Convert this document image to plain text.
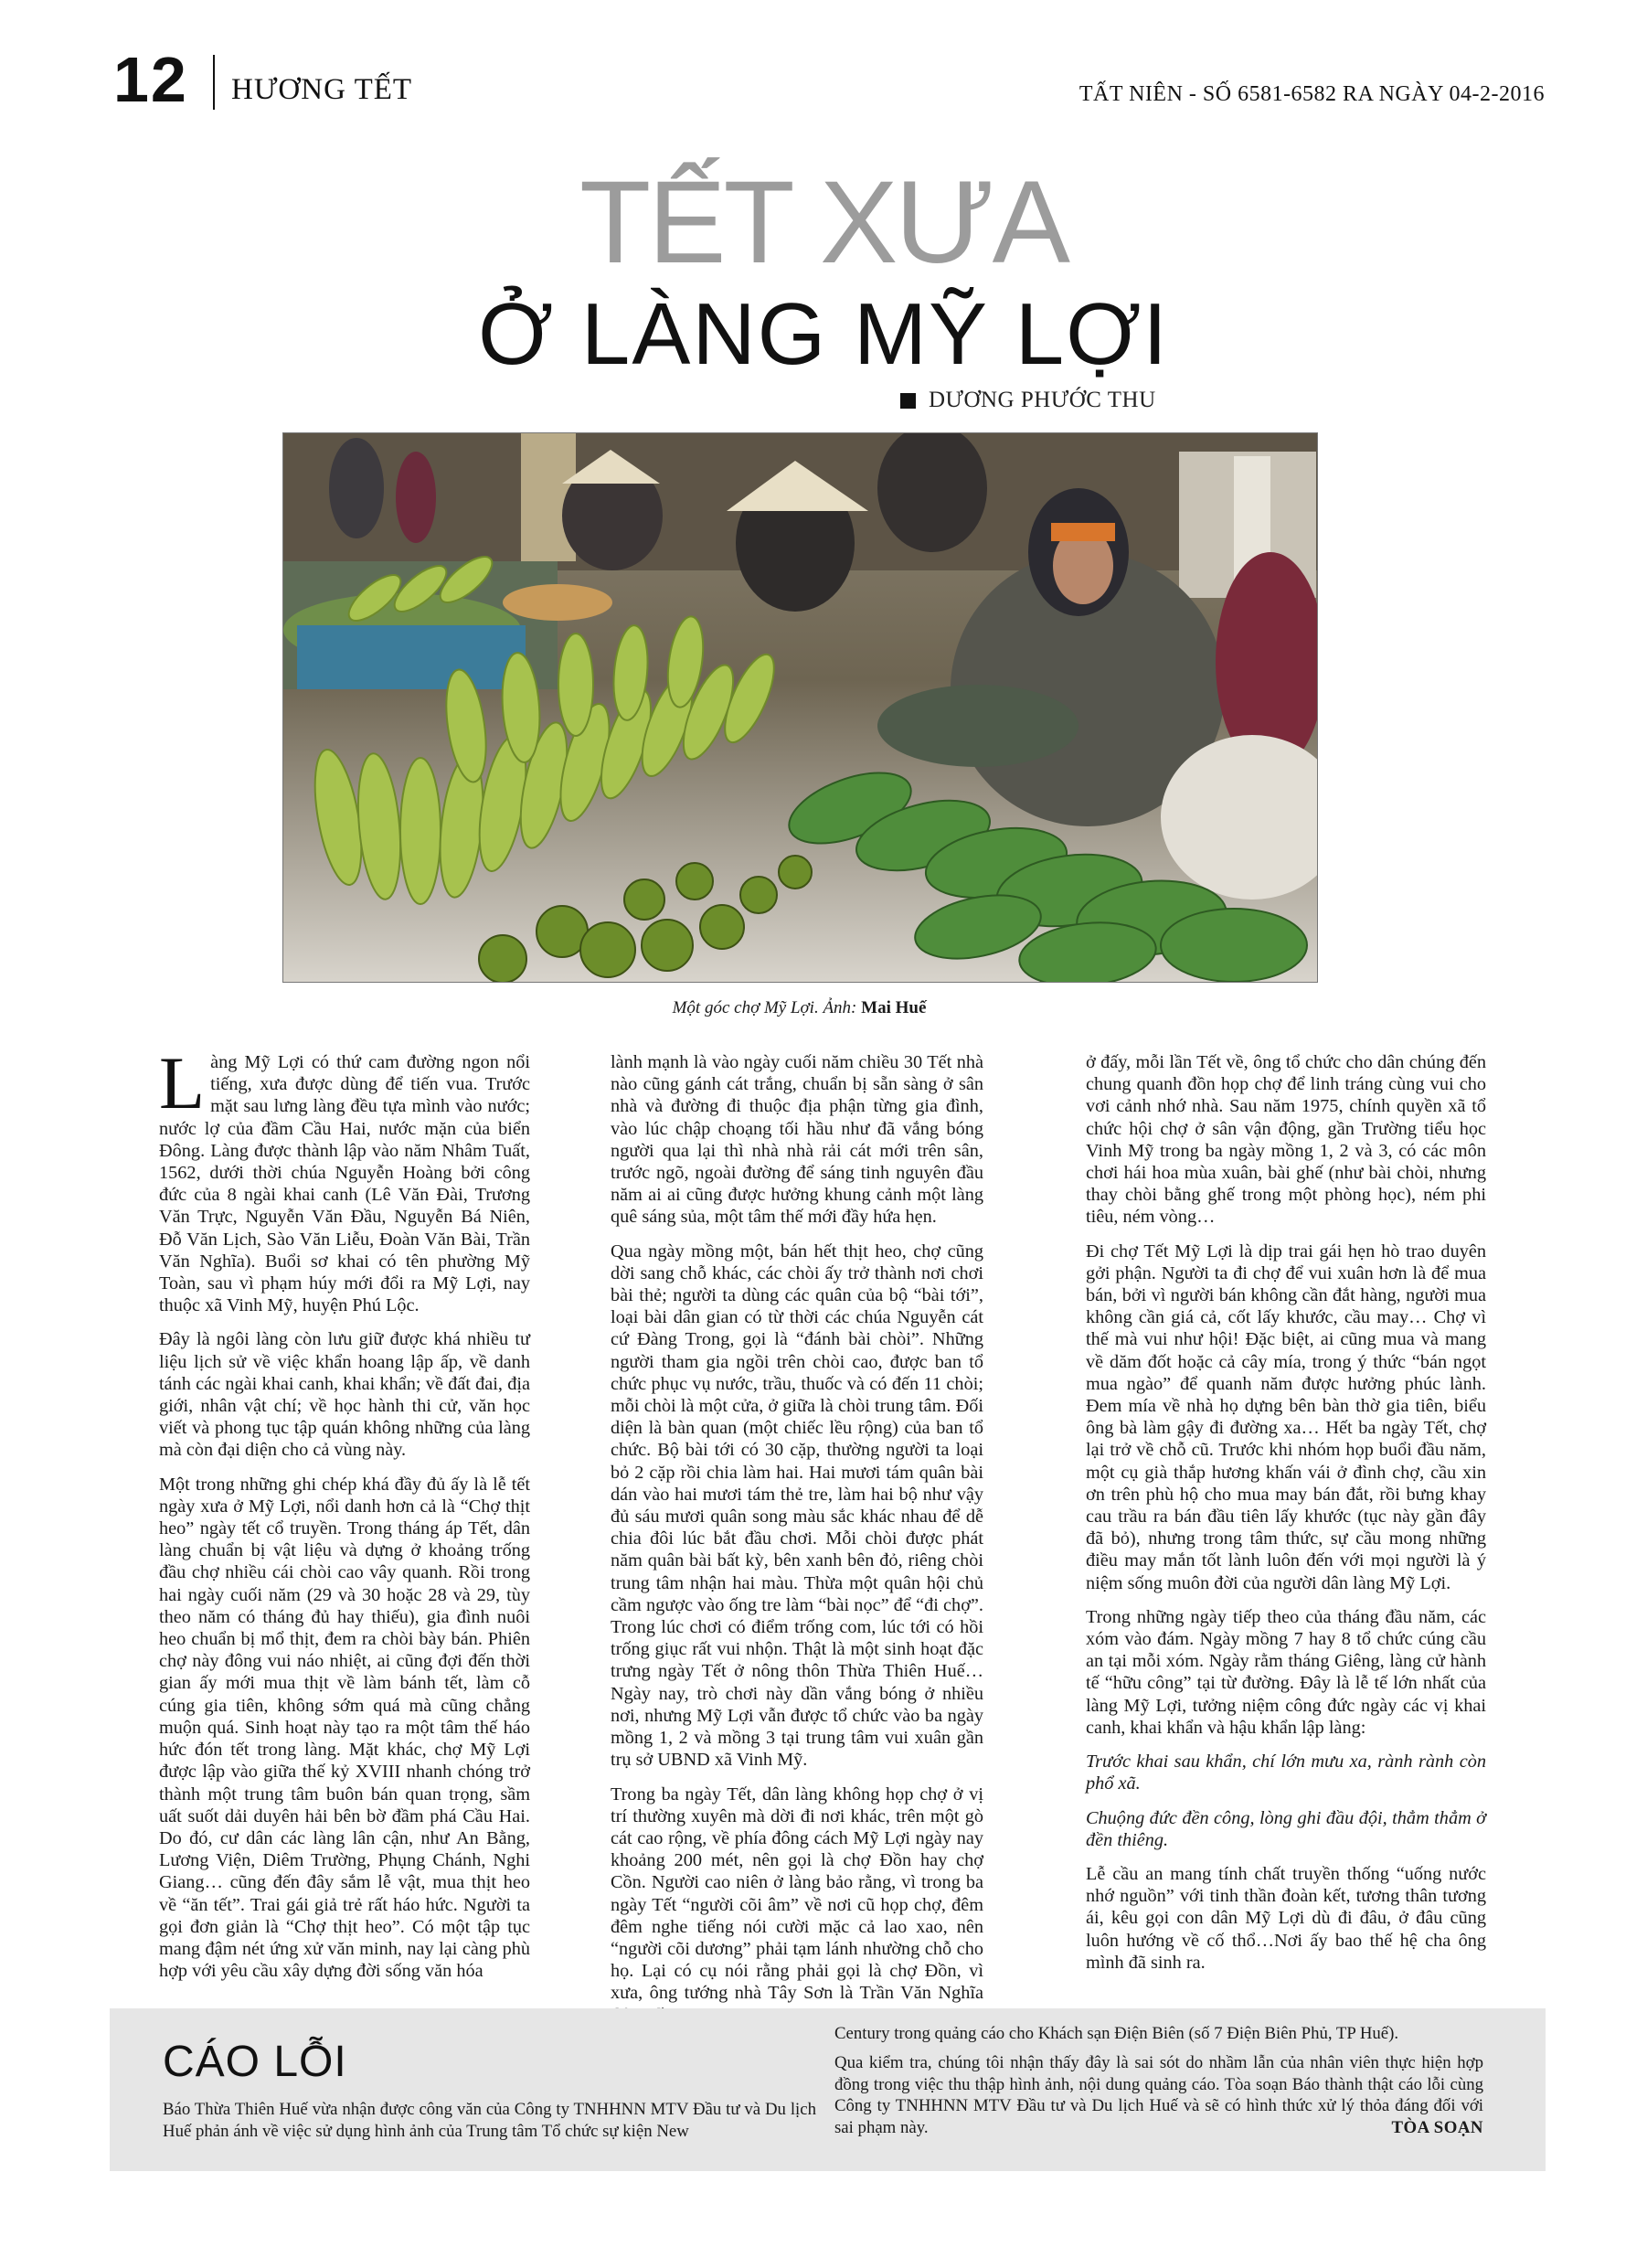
12 HƯƠNG TẾT	TẤT NIÊN - SỐ 6581-6582 RA NGÀY 04-2-2016
TẾT XƯA
Ở LÀNG MỸ LỢI
DƯƠNG PHƯỚC THU
Một góc chợ Mỹ Lợi. Ảnh: Mai Huế

Làng Mỹ Lợi có thứ cam đường ngon nổi tiếng, xưa được dùng để tiến vua. Trước mặt sau lưng làng đều tựa mình vào nước; nước lợ của đầm Cầu Hai, nước mặn của biển Đông. Làng được thành lập vào năm Nhâm Tuất, 1562, dưới thời chúa Nguyễn Hoàng bởi công đức của 8 ngài khai canh (Lê Văn Đài, Trương Văn Trực, Nguyễn Văn Đầu, Nguyễn Bá Niên, Đỗ Văn Lịch, Sào Văn Liễu, Đoàn Văn Bài, Trần Văn Nghĩa). Buổi sơ khai có tên phường Mỹ Toàn, sau vì phạm húy mới đổi ra Mỹ Lợi, nay thuộc xã Vinh Mỹ, huyện Phú Lộc.

Đây là ngôi làng còn lưu giữ được khá nhiều tư liệu lịch sử về việc khẩn hoang lập ấp, về danh tánh các ngài khai canh, khai khẩn; về đất đai, địa giới, nhân vật chí; về học hành thi cử, văn học viết và phong tục tập quán không những của làng mà còn đại diện cho cả vùng này.

Một trong những ghi chép khá đầy đủ ấy là lễ tết ngày xưa ở Mỹ Lợi, nổi danh hơn cả là “Chợ thịt heo” ngày tết cổ truyền. Trong tháng áp Tết, dân làng chuẩn bị vật liệu và dựng ở khoảng trống đầu chợ nhiều cái chòi cao vây quanh. Rồi trong hai ngày cuối năm (29 và 30 hoặc 28 và 29, tùy theo năm có tháng đủ hay thiếu), gia đình nuôi heo chuẩn bị mổ thịt, đem ra chòi bày bán. Phiên chợ này đông vui náo nhiệt, ai cũng đợi đến thời gian ấy mới mua thịt về làm bánh tết, làm cỗ cúng gia tiên, không sớm quá mà cũng chẳng muộn quá. Sinh hoạt này tạo ra một tâm thế háo hức đón tết trong làng. Mặt khác, chợ Mỹ Lợi được lập vào giữa thế kỷ XVIII nhanh chóng trở thành một trung tâm buôn bán quan trọng, sầm uất suốt dải duyên hải bên bờ đầm phá Cầu Hai. Do đó, cư dân các làng lân cận, như An Bằng, Lương Viện, Diêm Trường, Phụng Chánh, Nghi Giang… cũng đến đây sắm lễ vật, mua thịt heo về “ăn tết”. Trai gái giả trẻ rất háo hức. Người ta gọi đơn giản là “Chợ thịt heo”. Có một tập tục mang đậm nét ứng xử văn minh, nay lại càng phù hợp với yêu cầu xây dựng đời sống văn hóa

lành mạnh là vào ngày cuối năm chiều 30 Tết nhà nào cũng gánh cát trắng, chuẩn bị sẵn sàng ở sân nhà và đường đi thuộc địa phận từng gia đình, vào lúc chập choạng tối hầu như đã vắng bóng người qua lại thì nhà nhà rải cát mới trên sân, trước ngõ, ngoài đường để sáng tinh nguyên đầu năm ai ai cũng được hưởng khung cảnh một làng quê sáng sủa, một tâm thế mới đầy hứa hẹn.

Qua ngày mồng một, bán hết thịt heo, chợ cũng dời sang chỗ khác, các chòi ấy trở thành nơi chơi bài thẻ; người ta dùng các quân của bộ “bài tới”, loại bài dân gian có từ thời các chúa Nguyễn cát cứ Đàng Trong, gọi là “đánh bài chòi”. Những người tham gia ngồi trên chòi cao, được ban tổ chức phục vụ nước, trầu, thuốc và có đến 11 chòi; mỗi chòi là một cửa, ở giữa là chòi trung tâm. Đối diện là bàn quan (một chiếc lều rộng) của ban tổ chức. Bộ bài tới có 30 cặp, thường người ta loại bỏ 2 cặp rồi chia làm hai. Hai mươi tám quân bài dán vào hai mươi tám thẻ tre, làm hai bộ như vậy đủ sáu mươi quân song màu sắc khác nhau để dễ chia đôi lúc bắt đầu chơi. Mỗi chòi được phát năm quân bài bất kỳ, bên xanh bên đỏ, riêng chòi trung tâm nhận hai màu. Thừa một quân hội chủ cầm ngược vào ống tre làm “bài nọc” để “đi chợ”. Trong lúc chơi có điểm trống com, lúc tới có hồi trống giục rất vui nhộn. Thật là một sinh hoạt đặc trưng ngày Tết ở nông thôn Thừa Thiên Huế… Ngày nay, trò chơi này dần vắng bóng ở nhiều nơi, nhưng Mỹ Lợi vẫn được tổ chức vào ba ngày mồng 1, 2 và mồng 3 tại trung tâm vui xuân gần trụ sở UBND xã Vinh Mỹ.

Trong ba ngày Tết, dân làng không họp chợ ở vị trí thường xuyên mà dời đi nơi khác, trên một gò cát cao rộng, về phía đông cách Mỹ Lợi ngày nay khoảng 200 mét, nên gọi là chợ Đồn hay chợ Cồn. Người cao niên ở làng bảo rằng, vì trong ba ngày Tết “người cõi âm” về nơi cũ họp chợ, đêm đêm nghe tiếng nói cười mặc cả lao xao, nên “người cõi dương” phải tạm lánh nhường chỗ cho họ. Lại có cụ nói rằng phải gọi là chợ Đồn, vì xưa, ông tướng nhà Tây Sơn là Trần Văn Nghĩa

ở đấy, mỗi lần Tết về, ông tổ chức cho dân chúng đến chung quanh đồn họp chợ để linh tráng cùng vui cho vơi cảnh nhớ nhà. Sau năm 1975, chính quyền xã tổ chức hội chợ ở sân vận động, gần Trường tiểu học Vinh Mỹ trong ba ngày mồng 1, 2 và 3, có các môn chơi hái hoa mùa xuân, bài ghế (như bài chòi, nhưng thay chòi bằng ghế trong một phòng học), ném phi tiêu, ném vòng…

Đi chợ Tết Mỹ Lợi là dịp trai gái hẹn hò trao duyên gởi phận. Người ta đi chợ để vui xuân hơn là để mua bán, bởi vì người bán không cần đắt hàng, người mua không cần giá cả, cốt lấy khước, cầu may… Chợ vì thế mà vui như hội! Đặc biệt, ai cũng mua và mang về dăm đốt hoặc cả cây mía, trong ý thức “bán ngọt mua ngào” để quanh năm được hưởng phúc lành. Đem mía về nhà họ dựng bên bàn thờ gia tiên, biểu ông bà làm gậy đi đường xa… Hết ba ngày Tết, chợ lại trở về chỗ cũ. Trước khi nhóm họp buổi đầu năm, một cụ già thắp hương khấn vái ở đình chợ, cầu xin ơn trên phù hộ cho mua may bán đắt, rồi bưng khay cau trầu ra bán đầu tiên lấy khước (tục này gần đây đã bỏ), nhưng trong tâm thức, sự cầu mong những điều may mắn tốt lành luôn đến với mọi người là ý niệm sống muôn đời của người dân làng Mỹ Lợi.

Trong những ngày tiếp theo của tháng đầu năm, các xóm vào đám. Ngày mồng 7 hay 8 tổ chức cúng cầu an tại mỗi xóm. Ngày rằm tháng Giêng, làng cử hành tế “hữu công” tại từ đường. Đây là lễ tế lớn nhất của làng Mỹ Lợi, tưởng niệm công đức ngày các vị khai canh, khai khẩn và hậu khẩn lập làng:

Trước khai sau khẩn, chí lớn mưu xa, rành rành còn phổ xã.

Chuộng đức đền công, lòng ghi đầu đội, thẳm thẳm ở đền thiêng.

Lễ cầu an mang tính chất truyền thống “uống nước nhớ nguồn” với tinh thần đoàn kết, tương thân tương ái, kêu gọi con dân Mỹ Lợi dù đi đâu, ở đâu cũng luôn hướng về cố thổ…Nơi ấy bao thế hệ cha ông mình đã sinh ra.

CÁO LỖI
Báo Thừa Thiên Huế vừa nhận được công văn của Công ty TNHHNN MTV Đầu tư và Du lịch Huế phản ánh về việc sử dụng hình ảnh của Trung tâm Tổ chức sự kiện New

Century trong quảng cáo cho Khách sạn Điện Biên (số 7 Điện Biên Phủ, TP Huế).

Qua kiểm tra, chúng tôi nhận thấy đây là sai sót do nhầm lẫn của nhân viên thực hiện hợp đồng trong việc thu thập hình ảnh, nội dung quảng cáo. Tòa soạn Báo thành thật cáo lỗi cùng Công ty TNHHNN MTV Đầu tư và Du lịch Huế và sẽ có hình thức xử lý thỏa đáng đối với sai phạm này.	TÒA SOẠN
